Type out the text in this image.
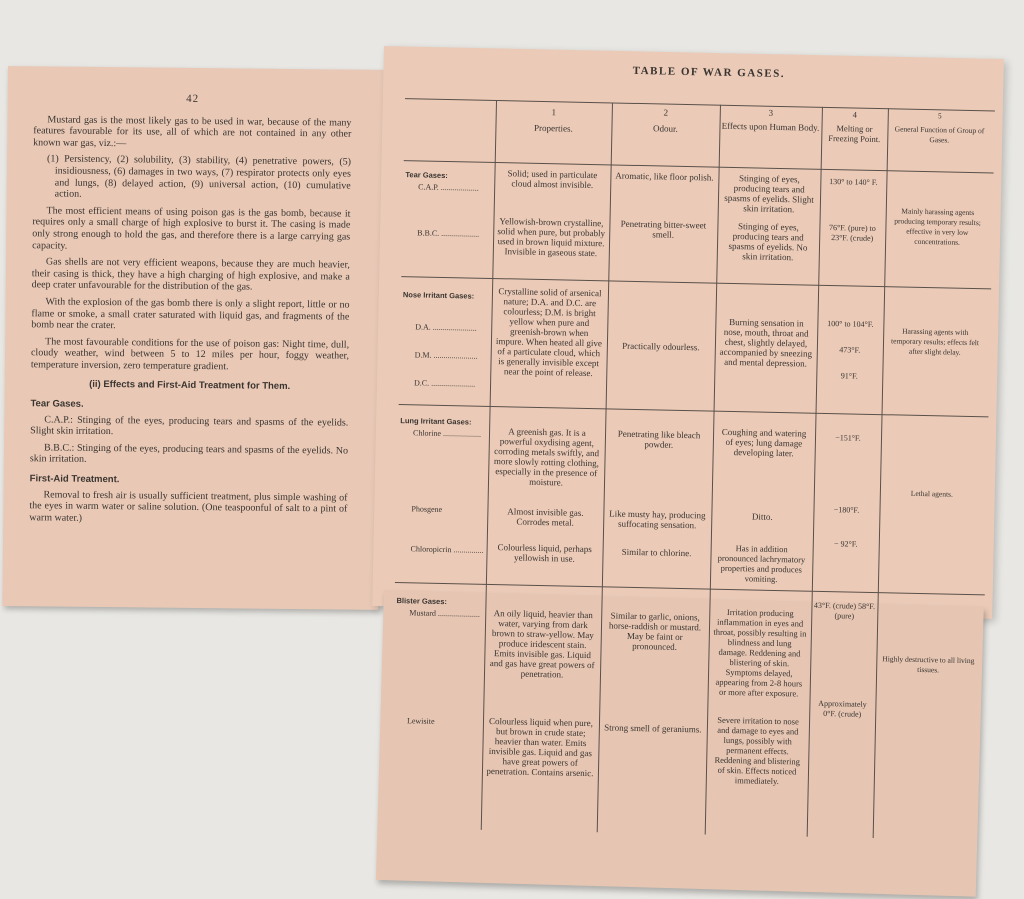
42

Mustard gas is the most likely gas to be used in war, because of the many features favourable for its use, all of which are not contained in any other known war gas, viz.:—

(1) Persistency, (2) solubility, (3) stability, (4) penetrative powers, (5) insidiousness, (6) damages in two ways, (7) respirator protects only eyes and lungs, (8) delayed action, (9) universal action, (10) cumulative action.

The most efficient means of using poison gas is the gas bomb, because it requires only a small charge of high explosive to burst it. The casing is made only strong enough to hold the gas, and therefore there is a large carrying gas capacity.

Gas shells are not very efficient weapons, because they are much heavier, their casing is thick, they have a high charging of high explosive, and make a deep crater unfavourable for the distribution of the gas.

With the explosion of the gas bomb there is only a slight report, little or no flame or smoke, a small crater saturated with liquid gas, and fragments of the bomb near the crater.

The most favourable conditions for the use of poison gas: Night time, dull, cloudy weather, wind between 5 to 12 miles per hour, foggy weather, temperature inversion, zero temperature gradient.

(ii) Effects and First-Aid Treatment for Them.
Tear Gases.

C.A.P.: Stinging of the eyes, producing tears and spasms of the eyelids. Slight skin irritation.

B.B.C.: Stinging of the eyes, producing tears and spasms of the eyelids. No skin irritation.

First-Aid Treatment.

Removal to fresh air is usually sufficient treatment, plus simple washing of the eyes in warm water or saline solution. (One teaspoonful of salt to a pint of warm water.)

TABLE OF WAR GASES.
1
Properties.
2
Odour.
3
Effects upon Human Body.
4
Melting or Freezing Point.
5
General Function of Group of Gases.
Tear Gases:
C.A.P. ...................
B.B.C. ...................
Solid; used in particulate cloud almost invisible.
Yellowish-brown crystalline, solid when pure, but probably used in brown liquid mixture. Invisible in gaseous state.
Aromatic, like floor polish.
Penetrating bitter-sweet smell.
Stinging of eyes, producing tears and spasms of eyelids. Slight skin irritation.
Stinging of eyes, producing tears and spasms of eyelids. No skin irritation.
130° to 140° F.
76°F. (pure) to 23°F. (crude)
Mainly harassing agents producing temporary results; effective in very low concentrations.
Nose Irritant Gases:
D.A. ......................
D.M. ......................
D.C. ......................
Crystalline solid of arsenical nature; D.A. and D.C. are colourless; D.M. is bright yellow when pure and greenish-brown when impure. When heated all give of a particulate cloud, which is generally invisible except near the point of release.
Practically odourless.
Burning sensation in nose, mouth, throat and chest, slightly delayed, accompanied by sneezing and mental depression.
100° to 104°F.
473°F.
91°F.
Harassing agents with temporary results; effects felt after slight delay.
Lung Irritant Gases:
Chlorine ...................
Phosgene
Chloropicrin ...............
A greenish gas. It is a powerful oxydising agent, corroding metals swiftly, and more slowly rotting clothing, especially in the presence of moisture.
Almost invisible gas. Corrodes metal.
Colourless liquid, perhaps yellowish in use.
Penetrating like bleach powder.
Like musty hay, producing suffocating sensation.
Similar to chlorine.
Coughing and watering of eyes; lung damage developing later.
Ditto.
Has in addition pronounced lachrymatory properties and produces vomiting.
−151°F.
−180°F.
− 92°F.
Lethal agents.
Blister Gases:
Mustard .....................
Lewisite
An oily liquid, heavier than water, varying from dark brown to straw-yellow. May produce iridescent stain. Emits invisible gas. Liquid and gas have great powers of penetration.
Colourless liquid when pure, but brown in crude state; heavier than water. Emits invisible gas. Liquid and gas have great powers of penetration. Contains arsenic.
Similar to garlic, onions, horse-raddish or mustard. May be faint or pronounced.
Strong smell of geraniums.
Irritation producing inflammation in eyes and throat, possibly resulting in blindness and lung damage. Reddening and blistering of skin. Symptoms delayed, appearing from 2-8 hours or more after exposure.
Severe irritation to nose and damage to eyes and lungs, possibly with permanent effects. Reddening and blistering of skin. Effects noticed immediately.
43°F. (crude) 58°F. (pure)
Approximately 0°F. (crude)
Highly destructive to all living tissues.
